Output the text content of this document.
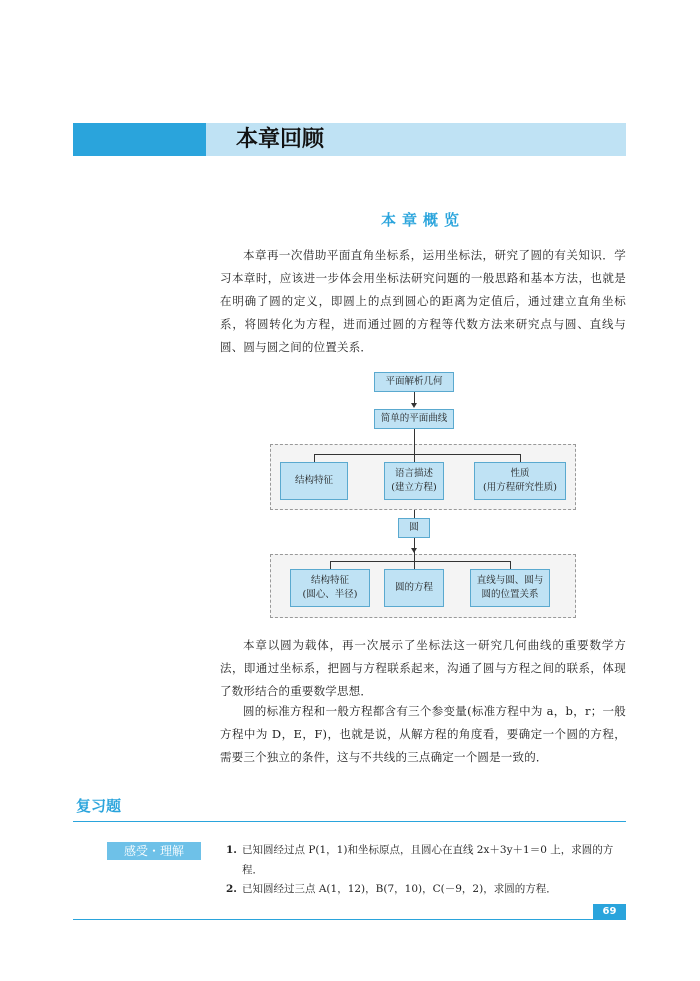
本章回顾
本章概览

本章再一次借助平面直角坐标系，运用坐标法，研究了圆的有关知识．学习本章时，应该进一步体会用坐标法研究问题的一般思路和基本方法，也就是在明确了圆的定义，即圆上的点到圆心的距离为定值后，通过建立直角坐标系，将圆转化为方程，进而通过圆的方程等代数方法来研究点与圆、直线与圆、圆与圆之间的位置关系．

平面解析几何
简单的平面曲线
结构特征
语言描述
(建立方程)
性质
(用方程研究性质)
圆
结构特征
(圆心、半径)
圆的方程
直线与圆、圆与
圆的位置关系

本章以圆为载体，再一次展示了坐标法这一研究几何曲线的重要数学方法，即通过坐标系，把圆与方程联系起来，沟通了圆与方程之间的联系，体现了数形结合的重要数学思想．

圆的标准方程和一般方程都含有三个参变量(标准方程中为 a，b，r；一般方程中为 D，E，F)，也就是说，从解方程的角度看，要确定一个圆的方程，需要三个独立的条件，这与不共线的三点确定一个圆是一致的．

复习题
感受・理解	1. 已知圆经过点 P(1，1)和坐标原点，且圆心在直线 2x＋3y＋1＝0 上，求圆的方程．
2. 已知圆经过三点 A(1，12)，B(7，10)，C(－9，2)，求圆的方程．
69
